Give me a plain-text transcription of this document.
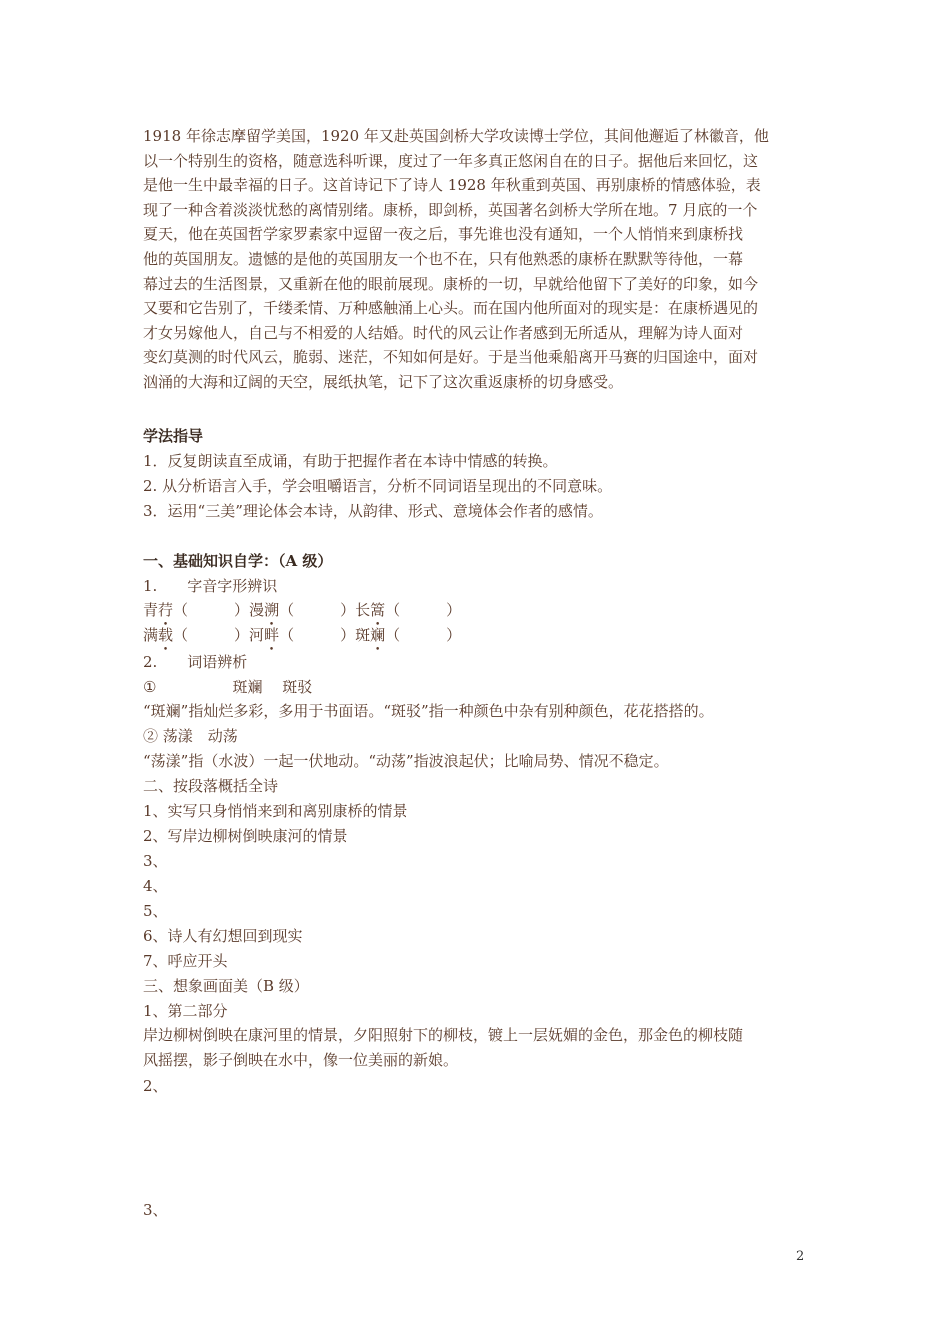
1918 年徐志摩留学美国，1920 年又赴英国剑桥大学攻读博士学位，其间他邂逅了林徽音，他

以一个特别生的资格，随意选科听课，度过了一年多真正悠闲自在的日子。据他后来回忆，这

是他一生中最幸福的日子。这首诗记下了诗人 1928 年秋重到英国、再别康桥的情感体验，表

现了一种含着淡淡忧愁的离情别绪。康桥，即剑桥，英国著名剑桥大学所在地。7 月底的一个

夏天，他在英国哲学家罗素家中逗留一夜之后，事先谁也没有通知，一个人悄悄来到康桥找

他的英国朋友。遗憾的是他的英国朋友一个也不在，只有他熟悉的康桥在默默等待他，一幕

幕过去的生活图景，又重新在他的眼前展现。康桥的一切，早就给他留下了美好的印象，如今

又要和它告别了，千缕柔情、万种感触涌上心头。而在国内他所面对的现实是：在康桥遇见的

才女另嫁他人，自己与不相爱的人结婚。时代的风云让作者感到无所适从，理解为诗人面对

变幻莫测的时代风云，脆弱、迷茫，不知如何是好。于是当他乘船离开马赛的归国途中，面对

汹涌的大海和辽阔的天空，展纸执笔，记下了这次重返康桥的切身感受。

学法指导
1．反复朗读直至成诵，有助于把握作者在本诗中情感的转换。
2. 从分析语言入手，学会咀嚼语言，分析不同词语呈现出的不同意味。
3．运用“三美”理论体会本诗，从韵律、形式、意境体会作者的感情。
一、基础知识自学：（A 级）
1.　　字音字形辨识
青荇（	）漫溯（	）长篙（	）
满载（	）河畔（	）斑斓（	）
2.　　词语辨析
①	斑斓　 斑驳
“斑斓”指灿烂多彩，多用于书面语。“斑驳”指一种颜色中杂有别种颜色，花花搭搭的。
② 荡漾　动荡
“荡漾”指（水波）一起一伏地动。“动荡”指波浪起伏；比喻局势、情况不稳定。
二、按段落概括全诗
1、实写只身悄悄来到和离别康桥的情景
2、写岸边柳树倒映康河的情景
3、
4、
5、
6、诗人有幻想回到现实
7、呼应开头
三、想象画面美（B 级）
1、第二部分
岸边柳树倒映在康河里的情景，夕阳照射下的柳枝，镀上一层妩媚的金色，那金色的柳枝随
风摇摆，影子倒映在水中，像一位美丽的新娘。
2、
3、
2
